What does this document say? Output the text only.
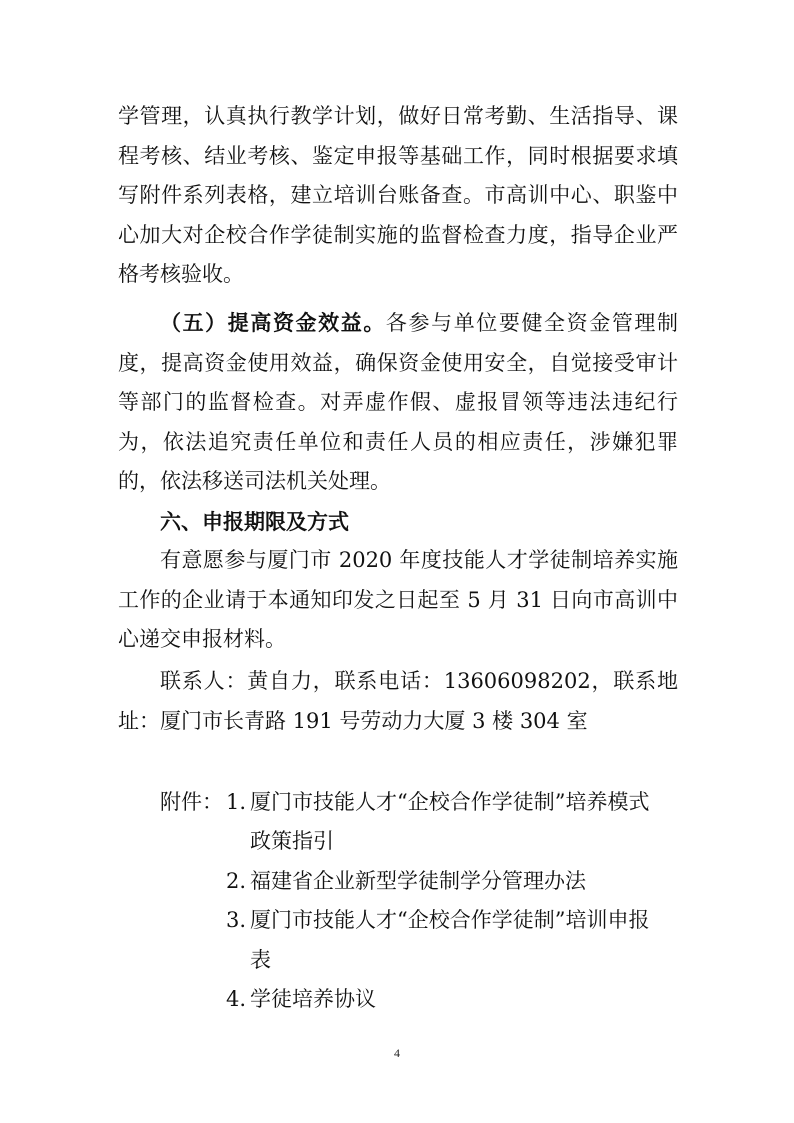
学管理，认真执行教学计划，做好日常考勤、生活指导、课程考核、结业考核、鉴定申报等基础工作，同时根据要求填写附件系列表格，建立培训台账备查。市高训中心、职鉴中心加大对企校合作学徒制实施的监督检查力度，指导企业严格考核验收。
（五）提高资金效益。各参与单位要健全资金管理制度，提高资金使用效益，确保资金使用安全，自觉接受审计等部门的监督检查。对弄虚作假、虚报冒领等违法违纪行为，依法追究责任单位和责任人员的相应责任，涉嫌犯罪的，依法移送司法机关处理。
六、申报期限及方式
有意愿参与厦门市 2020 年度技能人才学徒制培养实施工作的企业请于本通知印发之日起至 5 月 31 日向市高训中心递交申报材料。
联系人：黄自力，联系电话：13606098202，联系地址：厦门市长青路 191 号劳动力大厦 3 楼 304 室
附件： 1. 厦门市技能人才“企校合作学徒制”培养模式
政策指引
2. 福建省企业新型学徒制学分管理办法
3. 厦门市技能人才“企校合作学徒制”培训申报
表
4. 学徒培养协议
4
